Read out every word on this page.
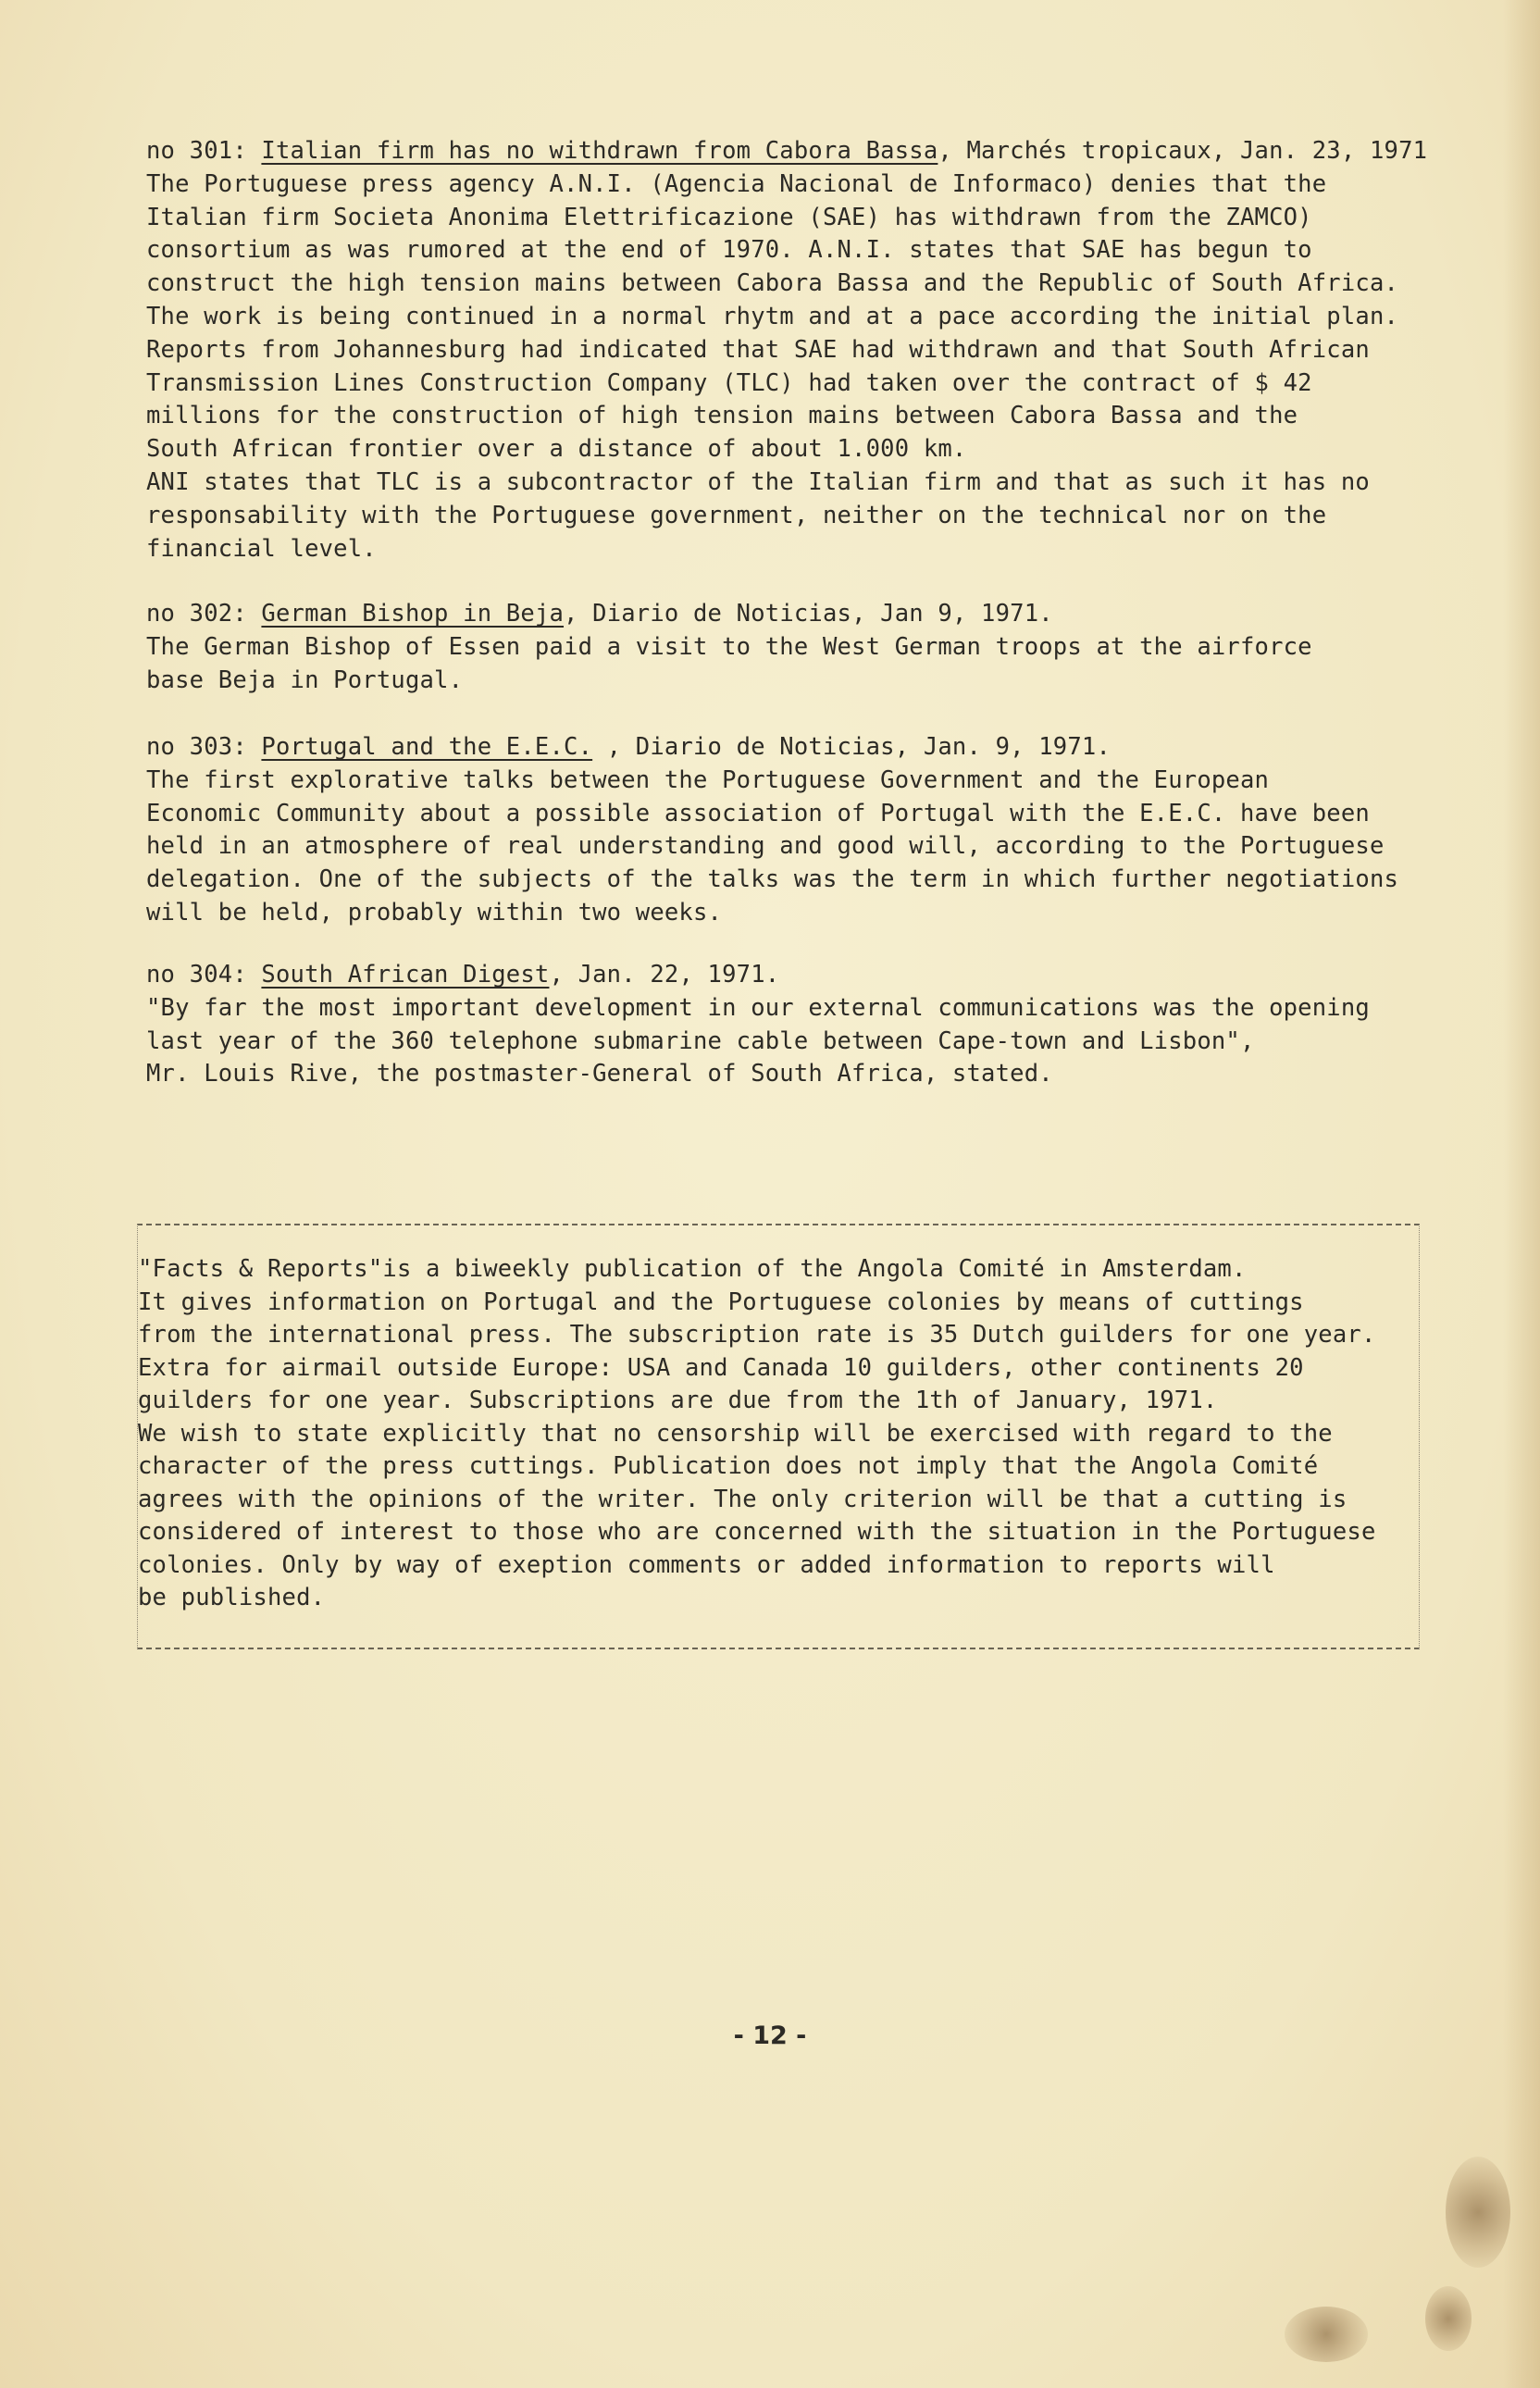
no 301: Italian firm has no withdrawn from Cabora Bassa, Marchés tropicaux, Jan. 23, 1971
The Portuguese press agency A.N.I. (Agencia Nacional de Informaco) denies that the
Italian firm Societa Anonima Elettrificazione (SAE) has withdrawn from the ZAMCO)
consortium as was rumored at the end of 1970. A.N.I. states that SAE has begun to
construct the high tension mains between Cabora Bassa and the Republic of South Africa.
The work is being continued in a normal rhytm and at a pace according the initial plan.
Reports from Johannesburg had indicated that SAE had withdrawn and that South African
Transmission Lines Construction Company (TLC) had taken over the contract of $ 42
millions for the construction of high tension mains between Cabora Bassa and the
South African frontier over a distance of about 1.000 km.
ANI states that TLC is a subcontractor of the Italian firm and that as such it has no
responsability with the Portuguese government, neither on the technical nor on the
financial level.
no 302: German Bishop in Beja, Diario de Noticias, Jan 9, 1971.
The German Bishop of Essen paid a visit to the West German troops at the airforce
base Beja in Portugal.
no 303: Portugal and the E.E.C. , Diario de Noticias, Jan. 9, 1971.
The first explorative talks between the Portuguese Government and the European
Economic Community about a possible association of Portugal with the E.E.C. have been
held in an atmosphere of real understanding and good will, according to the Portuguese
delegation. One of the subjects of the talks was the term in which further negotiations
will be held, probably within two weeks.
no 304: South African Digest, Jan. 22, 1971.
"By far the most important development in our external communications was the opening
last year of the 360 telephone submarine cable between Cape-town and Lisbon",
Mr. Louis Rive, the postmaster-General of South Africa, stated.
"Facts & Reports"is a biweekly publication of the Angola Comité in Amsterdam.
It gives information on Portugal and the Portuguese colonies by means of cuttings
from the international press. The subscription rate is 35 Dutch guilders for one year.
Extra for airmail outside Europe: USA and Canada 10 guilders, other continents 20
guilders for one year. Subscriptions are due from the 1th of January, 1971.
We wish to state explicitly that no censorship will be exercised with regard to the
character of the press cuttings. Publication does not imply that the Angola Comité
agrees with the opinions of the writer. The only criterion will be that a cutting is
considered of interest to those who are concerned with the situation in the Portuguese
colonies. Only by way of exeption comments or added information to reports will
be published.
- 12 -
